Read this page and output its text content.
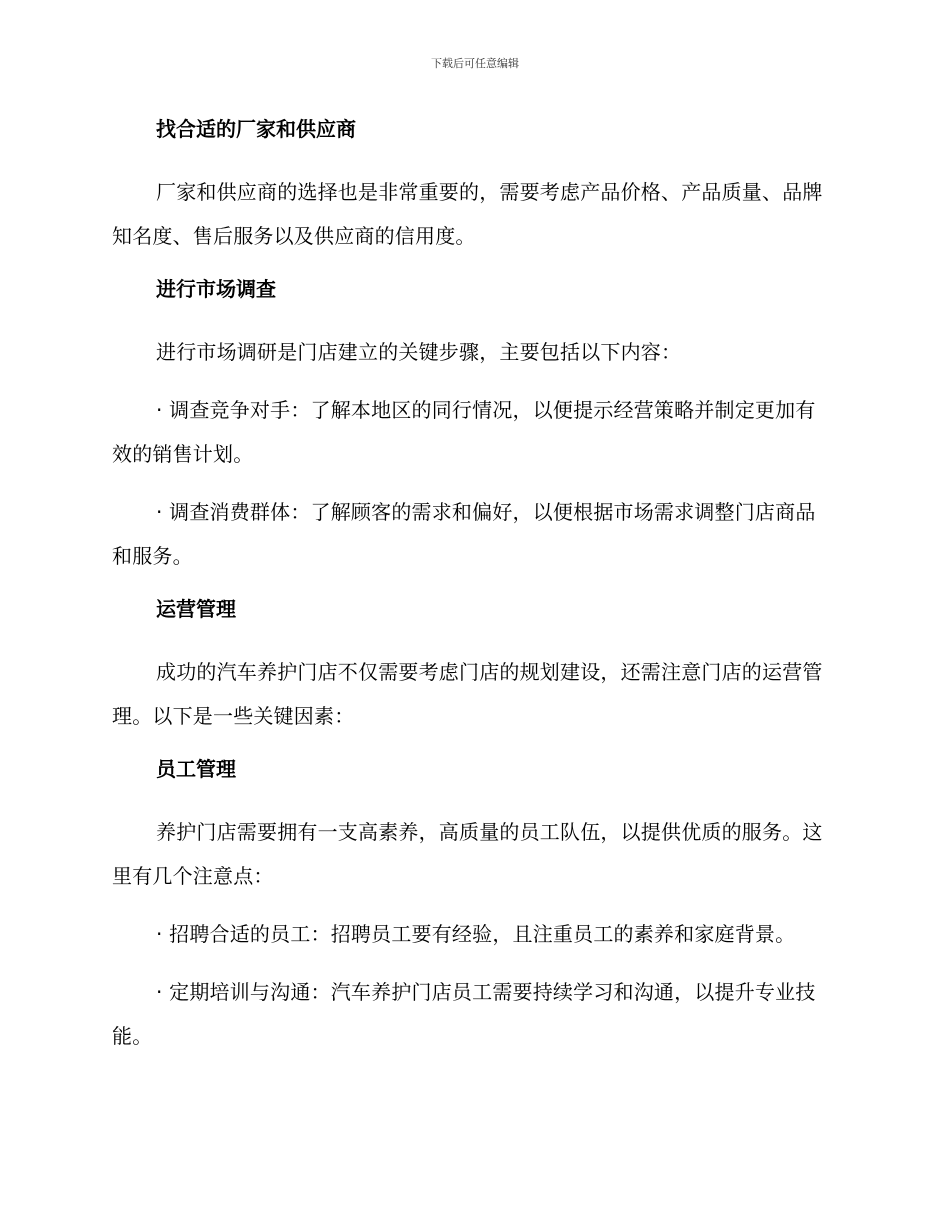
下载后可任意编辑
找合适的厂家和供应商

厂家和供应商的选择也是非常重要的，需要考虑产品价格、产品质量、品牌知名度、售后服务以及供应商的信用度。

进行市场调查

进行市场调研是门店建立的关键步骤，主要包括以下内容：

· 调查竞争对手：了解本地区的同行情况，以便提示经营策略并制定更加有效的销售计划。

· 调查消费群体：了解顾客的需求和偏好，以便根据市场需求调整门店商品和服务。

运营管理

成功的汽车养护门店不仅需要考虑门店的规划建设，还需注意门店的运营管理。以下是一些关键因素：

员工管理

养护门店需要拥有一支高素养，高质量的员工队伍，以提供优质的服务。这里有几个注意点：

· 招聘合适的员工：招聘员工要有经验，且注重员工的素养和家庭背景。

· 定期培训与沟通：汽车养护门店员工需要持续学习和沟通，以提升专业技能。
